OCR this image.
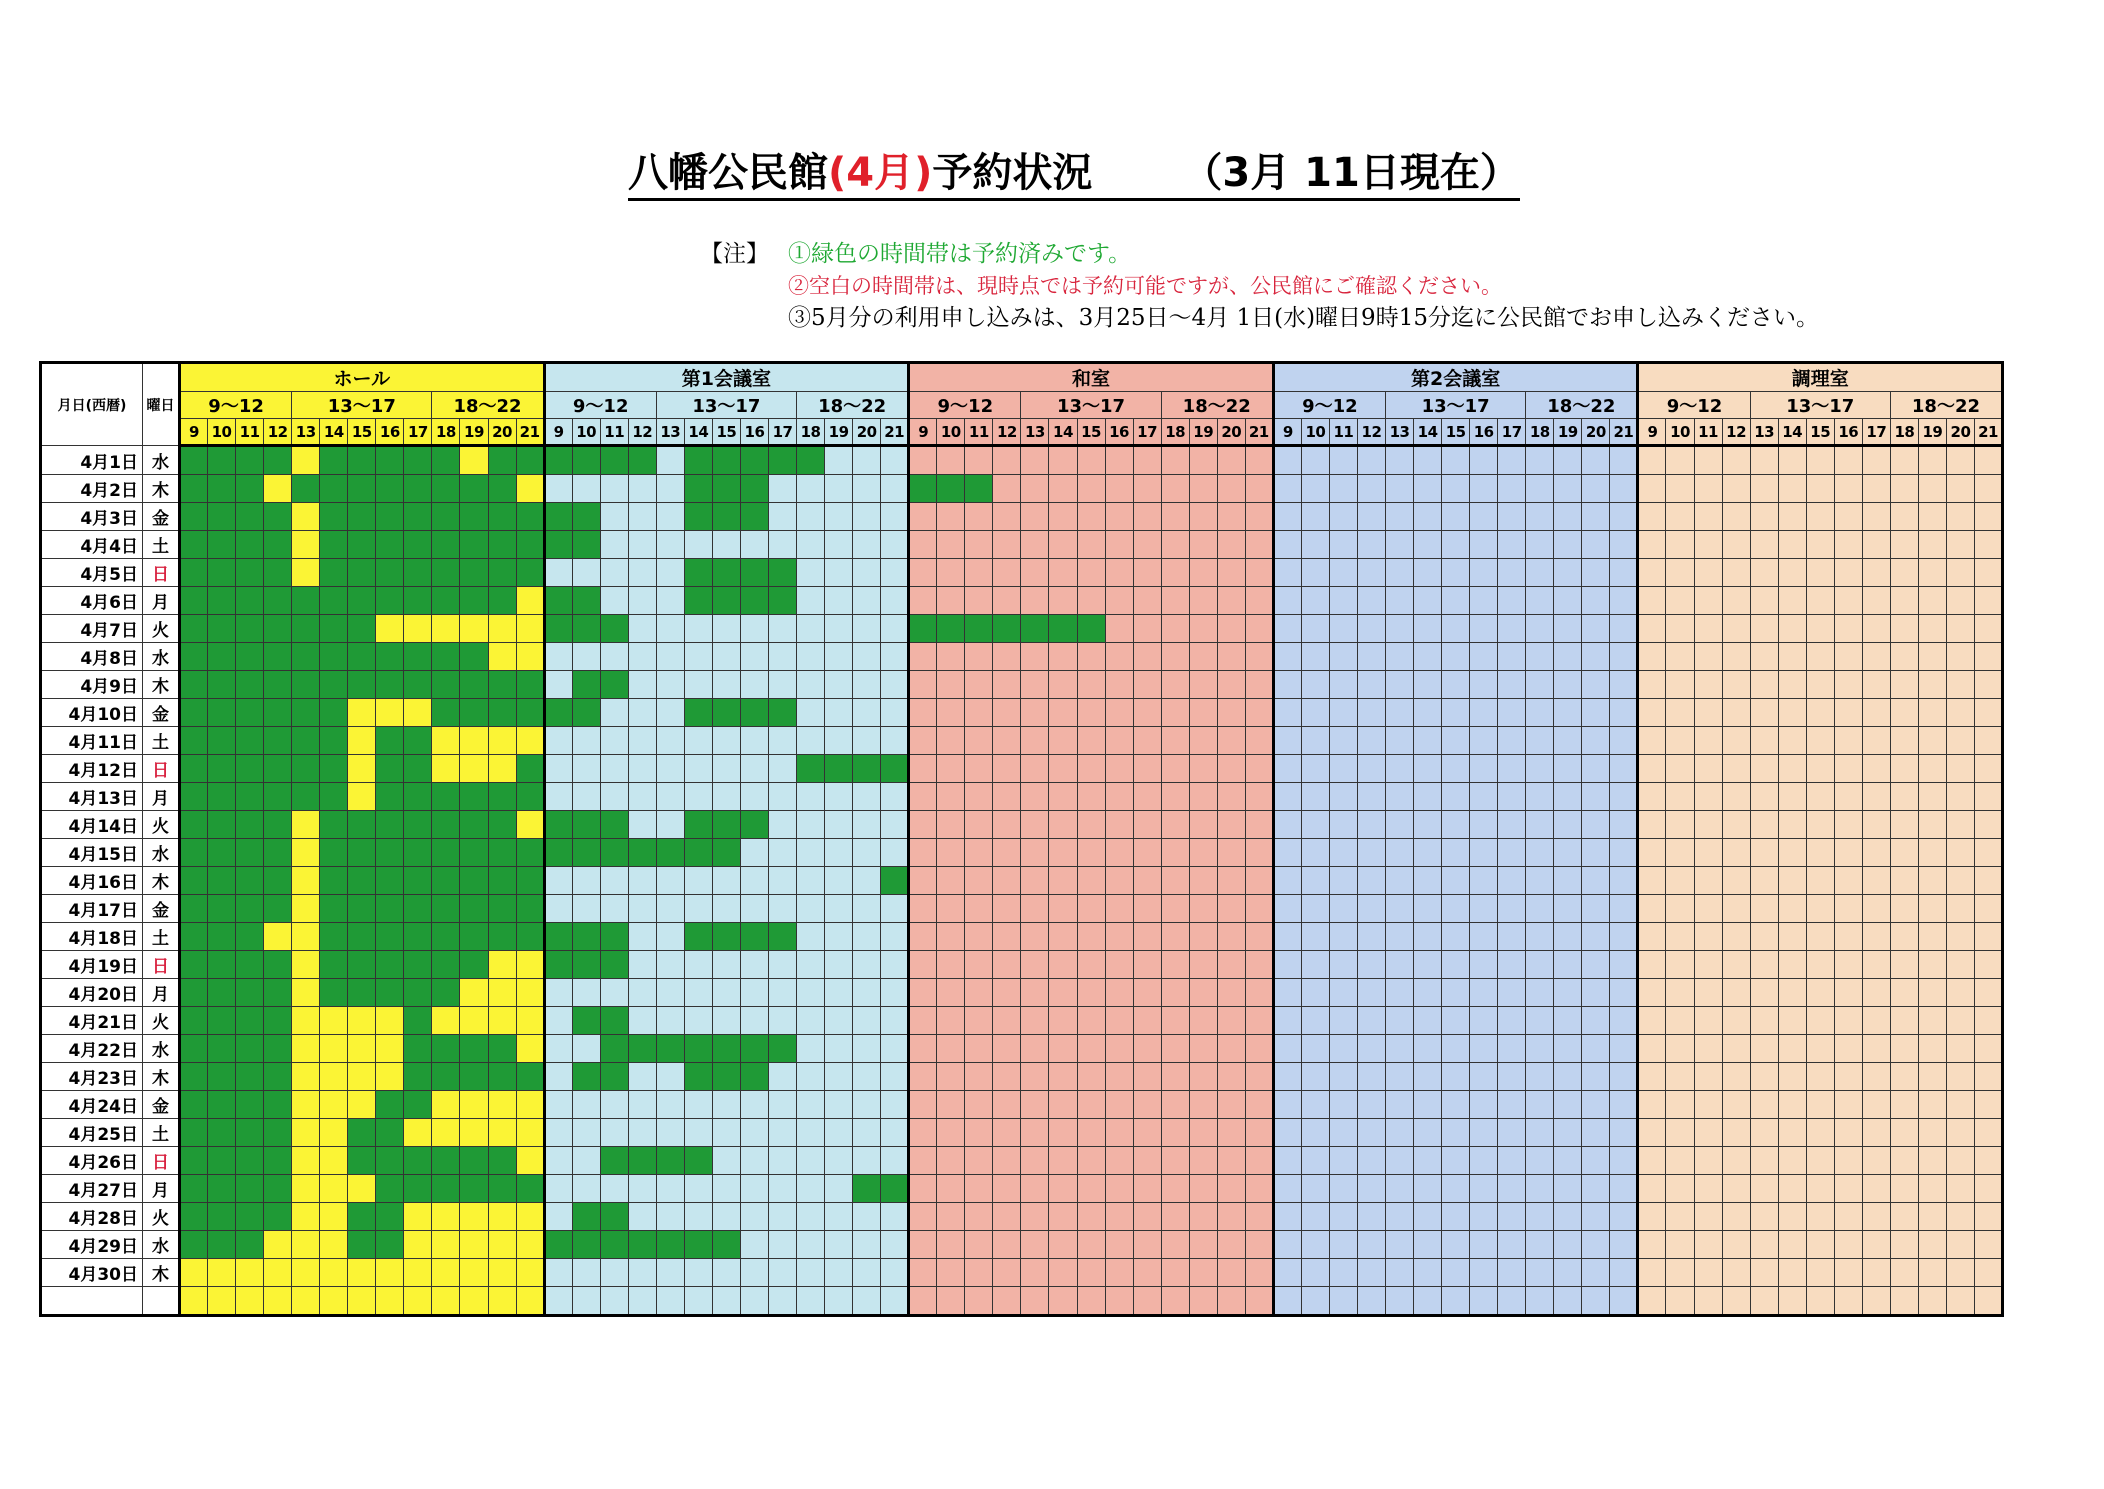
八幡公民館(4月)予約状況 （3月 11日現在）
【注】 ①緑色の時間帯は予約済みです。
②空白の時間帯は、現時点では予約可能ですが、公民館にご確認ください。
③5月分の利用申し込みは、3月25日～4月 1日(水)曜日9時15分迄に公民館でお申し込みください。
月日(西暦)	曜日	ホール	第1会議室	和室	第2会議室	調理室
9～12	13～17	18～22	9～12	13～17	18～22	9～12	13～17	18～22	9～12	13～17	18～22	9～12	13～17	18～22
9	10	11	12	13	14	15	16	17	18	19	20	21	9	10	11	12	13	14	15	16	17	18	19	20	21	9	10	11	12	13	14	15	16	17	18	19	20	21	9	10	11	12	13	14	15	16	17	18	19	20	21	9	10	11	12	13	14	15	16	17	18	19	20	21
4月1日	水																																																																	
4月2日	木																																																																	
4月3日	金																																																																	
4月4日	土																																																																	
4月5日	日																																																																	
4月6日	月																																																																	
4月7日	火																																																																	
4月8日	水																																																																	
4月9日	木																																																																	
4月10日	金																																																																	
4月11日	土																																																																	
4月12日	日																																																																	
4月13日	月																																																																	
4月14日	火																																																																	
4月15日	水																																																																	
4月16日	木																																																																	
4月17日	金																																																																	
4月18日	土																																																																	
4月19日	日																																																																	
4月20日	月																																																																	
4月21日	火																																																																	
4月22日	水																																																																	
4月23日	木																																																																	
4月24日	金																																																																	
4月25日	土																																																																	
4月26日	日																																																																	
4月27日	月																																																																	
4月28日	火																																																																	
4月29日	水																																																																	
4月30日	木																																																																	
